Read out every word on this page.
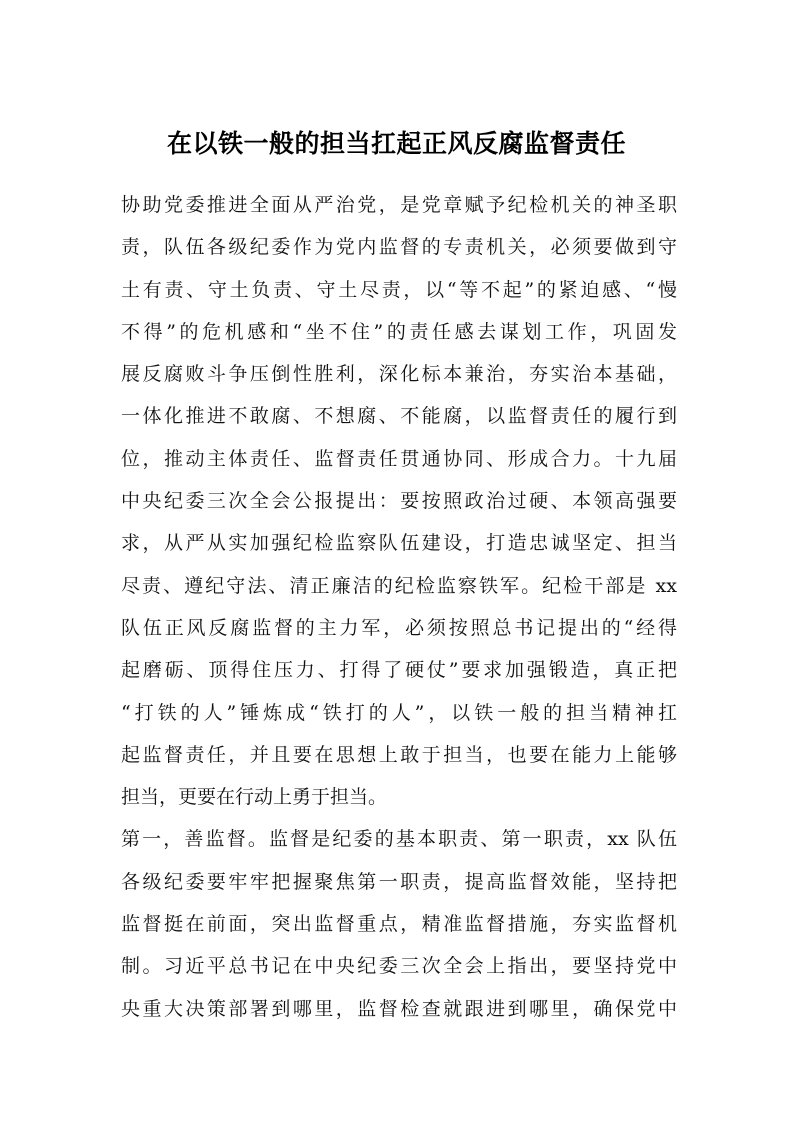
在以铁一般的担当扛起正风反腐监督责任
协助党委推进全面从严治党，是党章赋予纪检机关的神圣职
责，队伍各级纪委作为党内监督的专责机关，必须要做到守
土有责、守土负责、守土尽责，以“等不起”的紧迫感、“慢
不得”的危机感和“坐不住”的责任感去谋划工作，巩固发
展反腐败斗争压倒性胜利，深化标本兼治，夯实治本基础，
一体化推进不敢腐、不想腐、不能腐，以监督责任的履行到
位，推动主体责任、监督责任贯通协同、形成合力。十九届
中央纪委三次全会公报提出：要按照政治过硬、本领高强要
求，从严从实加强纪检监察队伍建设，打造忠诚坚定、担当
尽责、遵纪守法、清正廉洁的纪检监察铁军。纪检干部是 xx
队伍正风反腐监督的主力军，必须按照总书记提出的“经得
起磨砺、顶得住压力、打得了硬仗”要求加强锻造，真正把
“打铁的人”锤炼成“铁打的人”，以铁一般的担当精神扛
起监督责任，并且要在思想上敢于担当，也要在能力上能够
担当，更要在行动上勇于担当。
第一，善监督。监督是纪委的基本职责、第一职责，xx 队伍
各级纪委要牢牢把握聚焦第一职责，提高监督效能，坚持把
监督挺在前面，突出监督重点，精准监督措施，夯实监督机
制。习近平总书记在中央纪委三次全会上指出，要坚持党中
央重大决策部署到哪里，监督检查就跟进到哪里，确保党中
